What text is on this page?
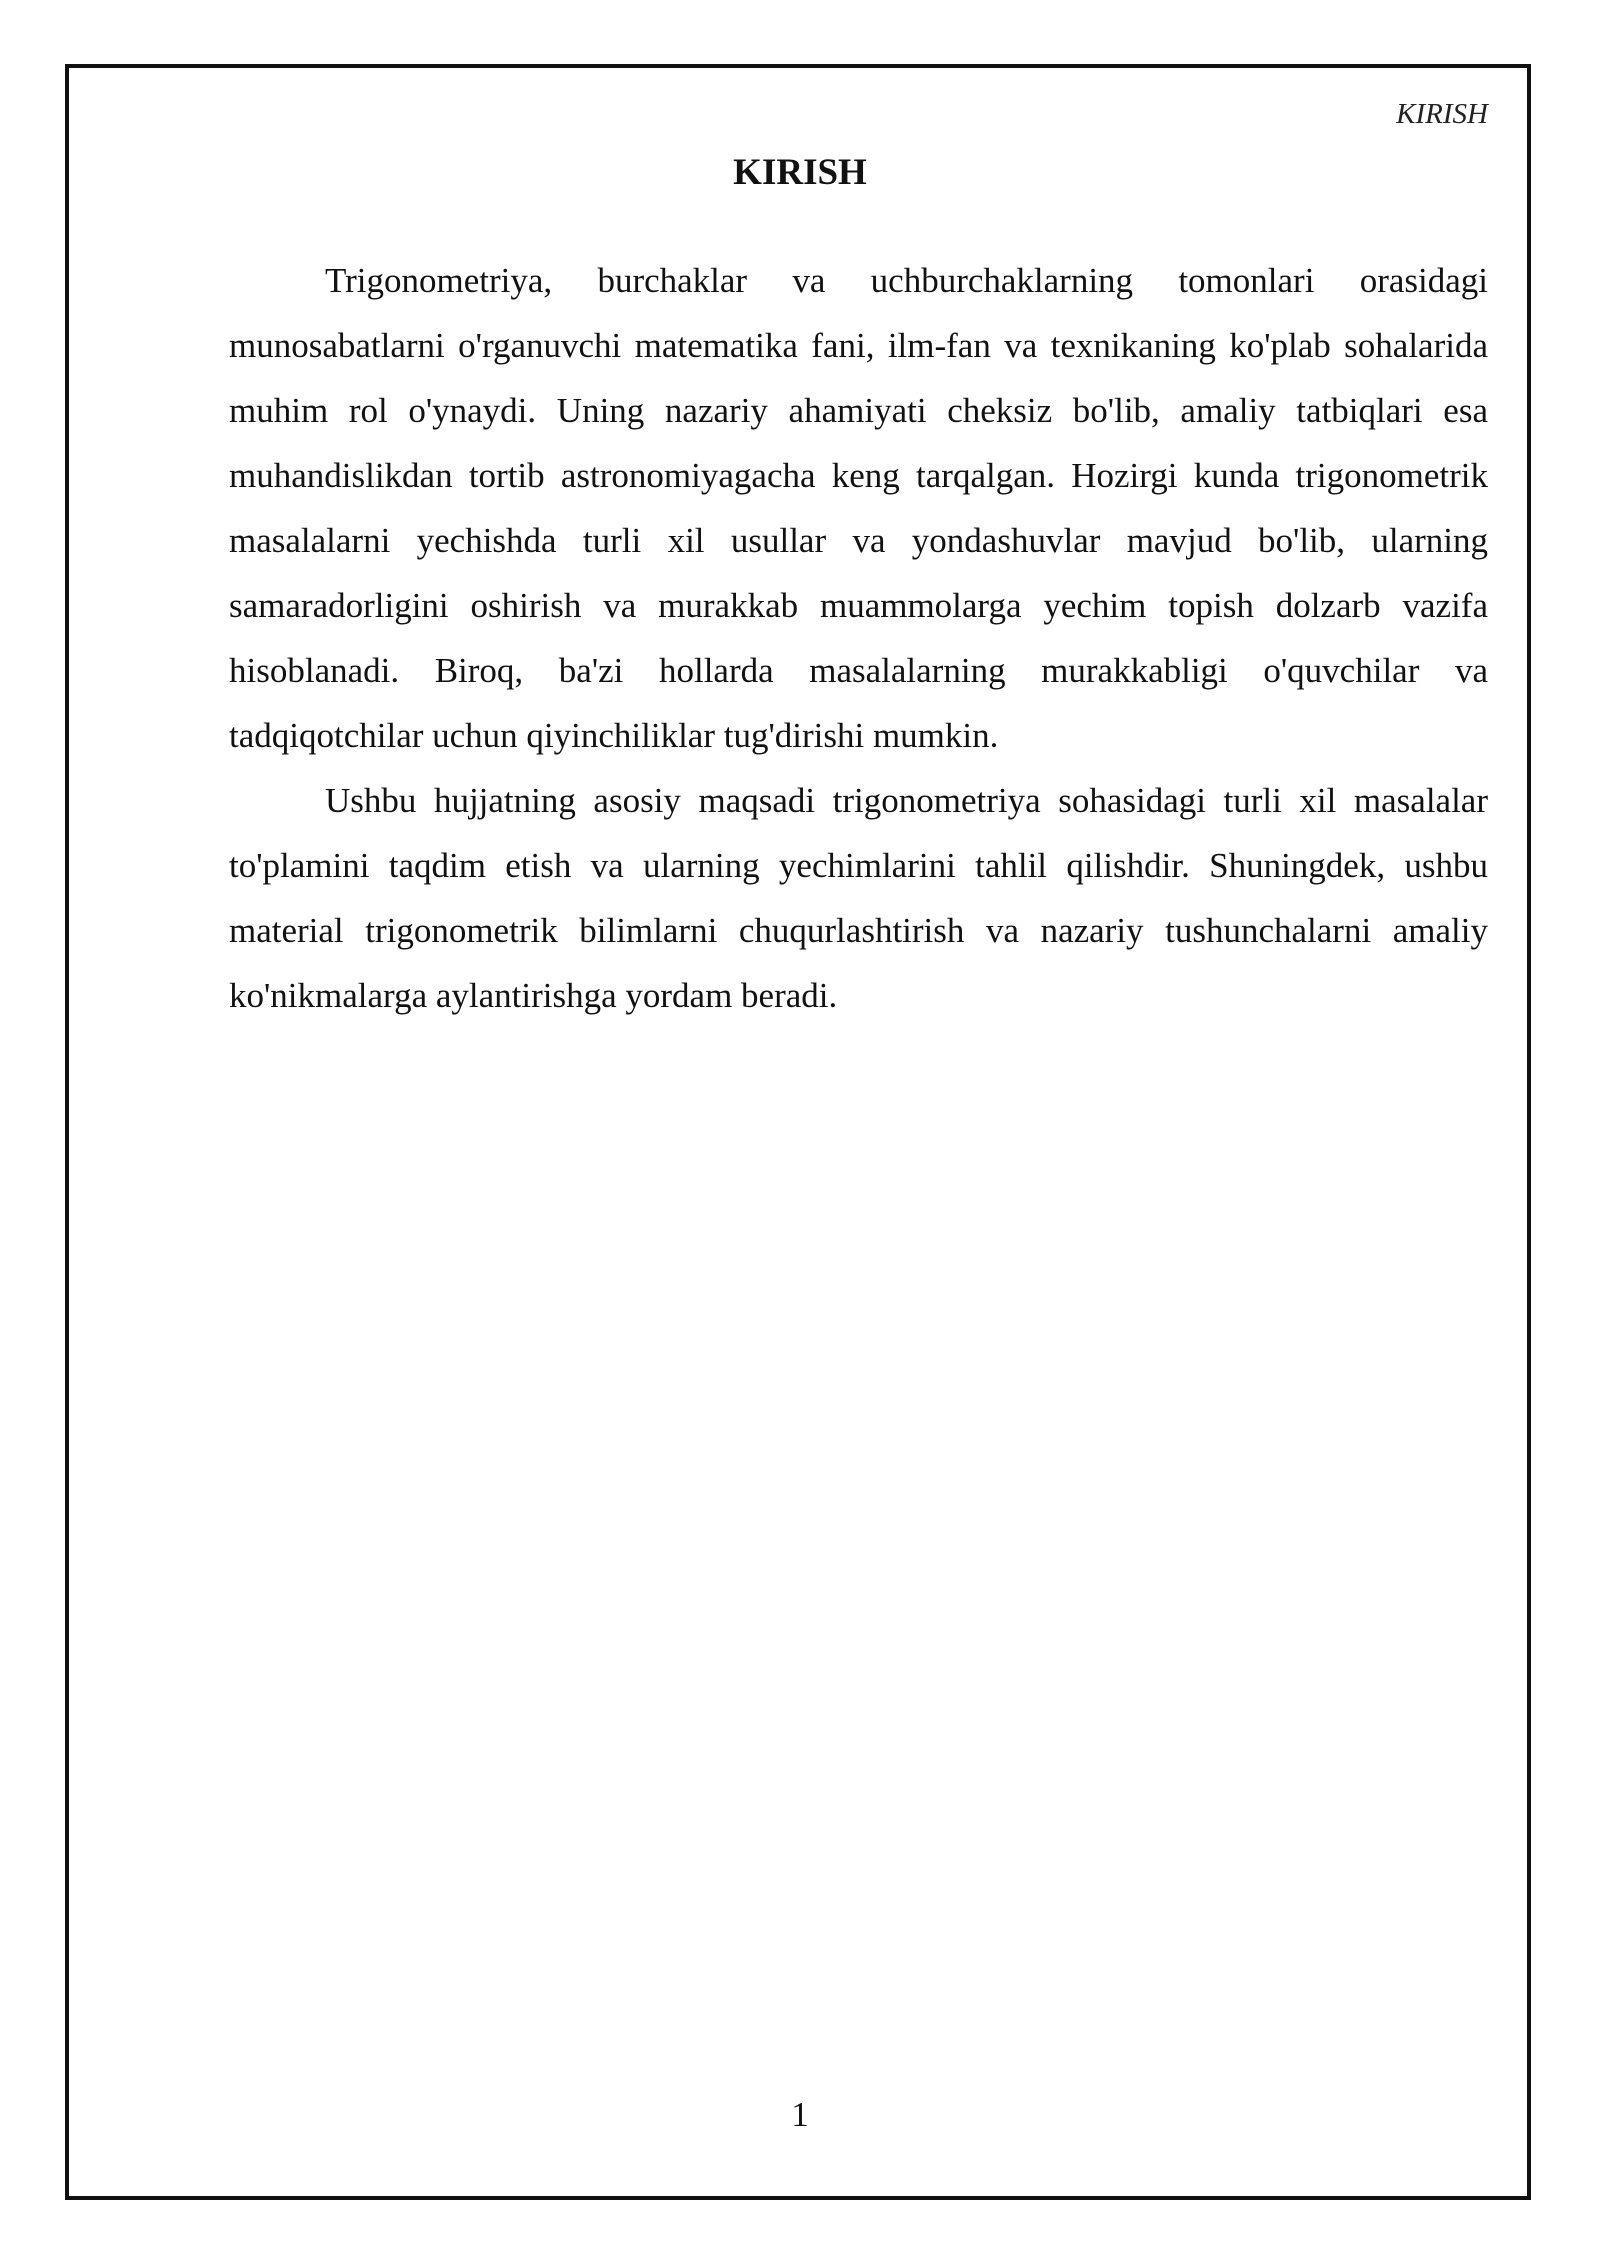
KIRISH
KIRISH

Trigonometriya, burchaklar va uchburchaklarning tomonlari orasidagi munosabatlarni o'rganuvchi matematika fani, ilm-fan va texnikaning ko'plab sohalarida muhim rol o'ynaydi. Uning nazariy ahamiyati cheksiz bo'lib, amaliy tatbiqlari esa muhandislikdan tortib astronomiyagacha keng tarqalgan. Hozirgi kunda trigonometrik masalalarni yechishda turli xil usullar va yondashuvlar mavjud bo'lib, ularning samaradorligini oshirish va murakkab muammolarga yechim topish dolzarb vazifa hisoblanadi. Biroq, ba'zi hollarda masalalarning murakkabligi o'quvchilar va tadqiqotchilar uchun qiyinchiliklar tug'dirishi mumkin.

Ushbu hujjatning asosiy maqsadi trigonometriya sohasidagi turli xil masalalar to'plamini taqdim etish va ularning yechimlarini tahlil qilishdir. Shuningdek, ushbu material trigonometrik bilimlarni chuqurlashtirish va nazariy tushunchalarni amaliy ko'nikmalarga aylantirishga yordam beradi.

1
